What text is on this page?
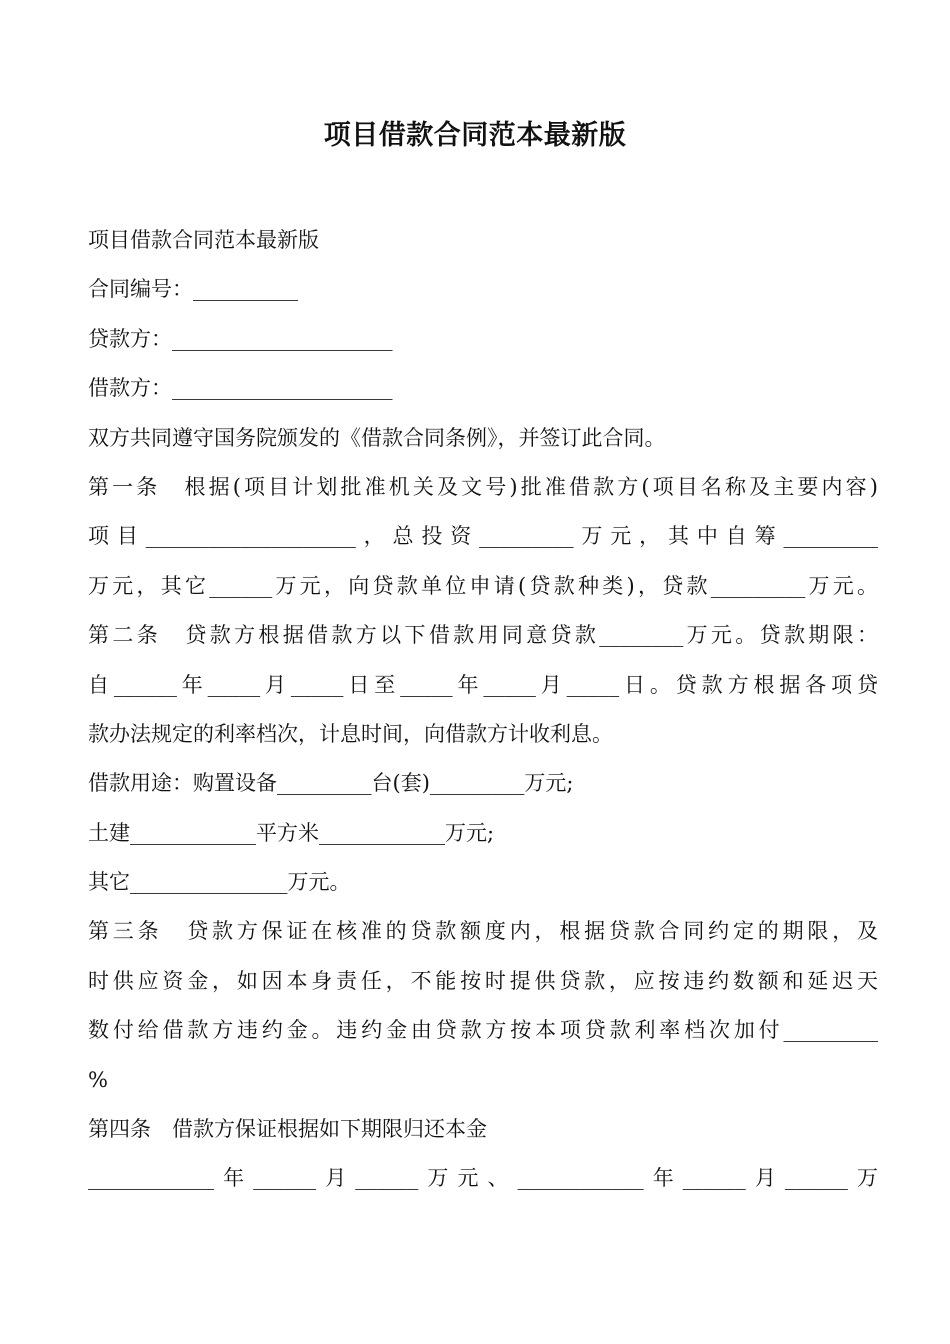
项目借款合同范本最新版
项目借款合同范本最新版
合同编号：__________
贷款方：_____________________
借款方：_____________________
双方共同遵守国务院颁发的《借款合同条例》，并签订此合同。
第一条　根据(项目计划批准机关及文号)批准借款方(项目名称及主要内容)
项目____________________，总投资_________万元，其中自筹_________
万元，其它______万元，向贷款单位申请(贷款种类)，贷款_________万元。
第二条　贷款方根据借款方以下借款用同意贷款________万元。贷款期限：
自______年_____月_____日至_____年_____月_____日。贷款方根据各项贷
款办法规定的利率档次，计息时间，向借款方计收利息。
借款用途：购置设备_________台(套)_________万元;
土建____________平方米____________万元;
其它_______________万元。
第三条　贷款方保证在核准的贷款额度内，根据贷款合同约定的期限，及
时供应资金，如因本身责任，不能按时提供贷款，应按违约数额和延迟天
数付给借款方违约金。违约金由贷款方按本项贷款利率档次加付_________
%
第四条　借款方保证根据如下期限归还本金
____________年______月______万元、____________年______月______万
